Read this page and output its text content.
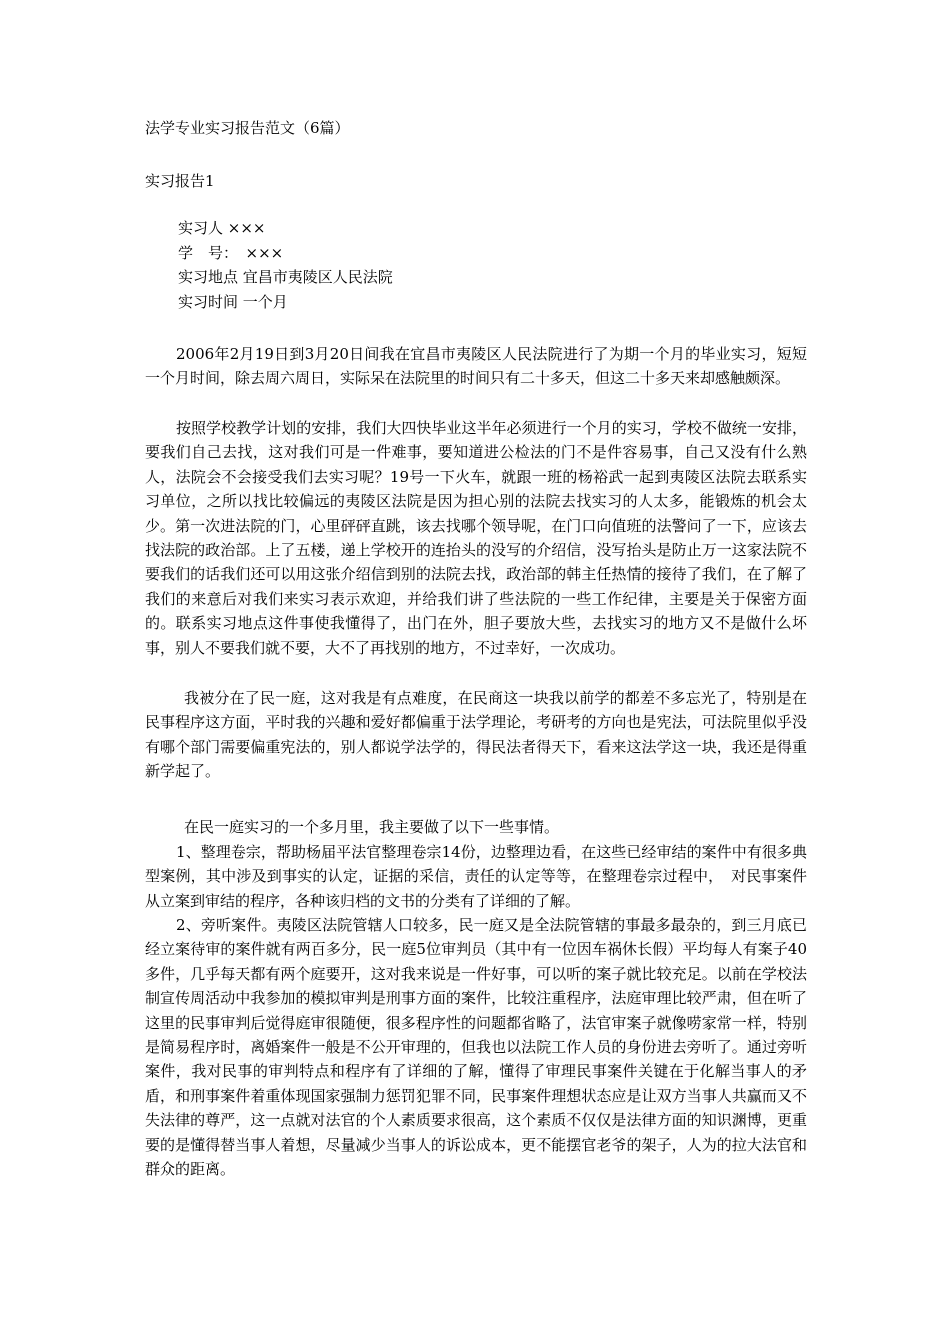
法学专业实习报告范文（6篇）

实习报告1

实习人 ×××

学　号：　×××

实习地点 宜昌市夷陵区人民法院

实习时间 一个月

2006年2月19日到3月20日间我在宜昌市夷陵区人民法院进行了为期一个月的毕业实习，短短一个月时间，除去周六周日，实际呆在法院里的时间只有二十多天，但这二十多天来却感触颇深。

按照学校教学计划的安排，我们大四快毕业这半年必须进行一个月的实习，学校不做统一安排，要我们自己去找，这对我们可是一件难事，要知道进公检法的门不是件容易事，自己又没有什么熟人，法院会不会接受我们去实习呢？19号一下火车，就跟一班的杨裕武一起到夷陵区法院去联系实习单位，之所以找比较偏远的夷陵区法院是因为担心别的法院去找实习的人太多，能锻炼的机会太少。第一次进法院的门，心里砰砰直跳，该去找哪个领导呢，在门口向值班的法警问了一下，应该去找法院的政治部。上了五楼，递上学校开的连抬头的没写的介绍信，没写抬头是防止万一这家法院不要我们的话我们还可以用这张介绍信到别的法院去找，政治部的韩主任热情的接待了我们，在了解了我们的来意后对我们来实习表示欢迎，并给我们讲了些法院的一些工作纪律，主要是关于保密方面的。联系实习地点这件事使我懂得了，出门在外，胆子要放大些，去找实习的地方又不是做什么坏事，别人不要我们就不要，大不了再找别的地方，不过幸好，一次成功。

我被分在了民一庭，这对我是有点难度，在民商这一块我以前学的都差不多忘光了，特别是在民事程序这方面，平时我的兴趣和爱好都偏重于法学理论，考研考的方向也是宪法，可法院里似乎没有哪个部门需要偏重宪法的，别人都说学法学的，得民法者得天下，看来这法学这一块，我还是得重新学起了。

在民一庭实习的一个多月里，我主要做了以下一些事情。

1、整理卷宗，帮助杨届平法官整理卷宗14份，边整理边看，在这些已经审结的案件中有很多典型案例，其中涉及到事实的认定，证据的采信，责任的认定等等，在整理卷宗过程中，　对民事案件从立案到审结的程序，各种该归档的文书的分类有了详细的了解。

2、旁听案件。夷陵区法院管辖人口较多，民一庭又是全法院管辖的事最多最杂的，到三月底已经立案待审的案件就有两百多分，民一庭5位审判员（其中有一位因车祸休长假）平均每人有案子40多件，几乎每天都有两个庭要开，这对我来说是一件好事，可以听的案子就比较充足。以前在学校法制宣传周活动中我参加的模拟审判是刑事方面的案件，比较注重程序，法庭审理比较严肃，但在听了这里的民事审判后觉得庭审很随便，很多程序性的问题都省略了，法官审案子就像唠家常一样，特别是简易程序时，离婚案件一般是不公开审理的，但我也以法院工作人员的身份进去旁听了。通过旁听案件，我对民事的审判特点和程序有了详细的了解，懂得了审理民事案件关键在于化解当事人的矛盾，和刑事案件着重体现国家强制力惩罚犯罪不同，民事案件理想状态应是让双方当事人共赢而又不失法律的尊严，这一点就对法官的个人素质要求很高，这个素质不仅仅是法律方面的知识渊博，更重要的是懂得替当事人着想，尽量减少当事人的诉讼成本，更不能摆官老爷的架子，人为的拉大法官和群众的距离。
